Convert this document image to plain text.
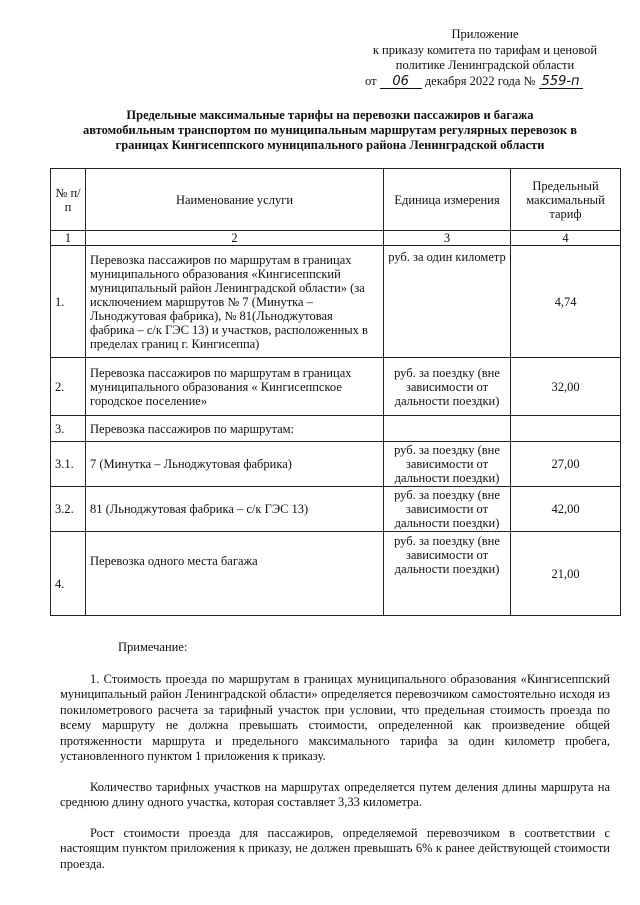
Приложение
к приказу комитета по тарифам и ценовой
политике Ленинградской области
от 06 декабря 2022 года № 559-п
Предельные максимальные тарифы на перевозки пассажиров и багажа
автомобильным транспортом по муниципальным маршрутам регулярных перевозок в
границах Кингисеппского муниципального района Ленинградской области
№ п/п	Наименование услуги	Единица измерения	Предельный максимальный тариф
1	2	3	4
1.	Перевозка пассажиров по маршрутам в границах муниципального образования «Кингисеппский муниципальный район Ленинградской области» (за исключением маршрутов № 7 (Минутка – Льноджутовая фабрика), № 81(Льноджутовая фабрика – с/к ГЭС 13) и участков, расположенных в пределах границ г. Кингисеппа)	руб. за один километр	4,74
2.	Перевозка пассажиров по маршрутам в границах муниципального образования « Кингисеппское городское поселение»	руб. за поездку (вне зависимости от дальности поездки)	32,00
3.	Перевозка пассажиров по маршрутам:		
3.1.	7 (Минутка – Льноджутовая фабрика)	руб. за поездку (вне зависимости от дальности поездки)	27,00
3.2.	81 (Льноджутовая фабрика – с/к ГЭС 13)	руб. за поездку (вне зависимости от дальности поездки)	42,00
4.	Перевозка одного места багажа	руб. за поездку (вне зависимости от дальности поездки)	21,00

Примечание:

1. Стоимость проезда по маршрутам в границах муниципального образования «Кингисеппский муниципальный район Ленинградской области» определяется перевозчиком самостоятельно исходя из покилометрового расчета за тарифный участок при условии, что предельная стоимость проезда по всему маршруту не должна превышать стоимости, определенной как произведение общей протяженности маршрута и предельного максимального тарифа за один километр пробега, установленного пунктом 1 приложения к приказу.

Количество тарифных участков на маршрутах определяется путем деления длины маршрута на среднюю длину одного участка, которая составляет 3,33 километра.

Рост стоимости проезда для пассажиров, определяемой перевозчиком в соответствии с настоящим пунктом приложения к приказу, не должен превышать 6% к ранее действующей стоимости проезда.
